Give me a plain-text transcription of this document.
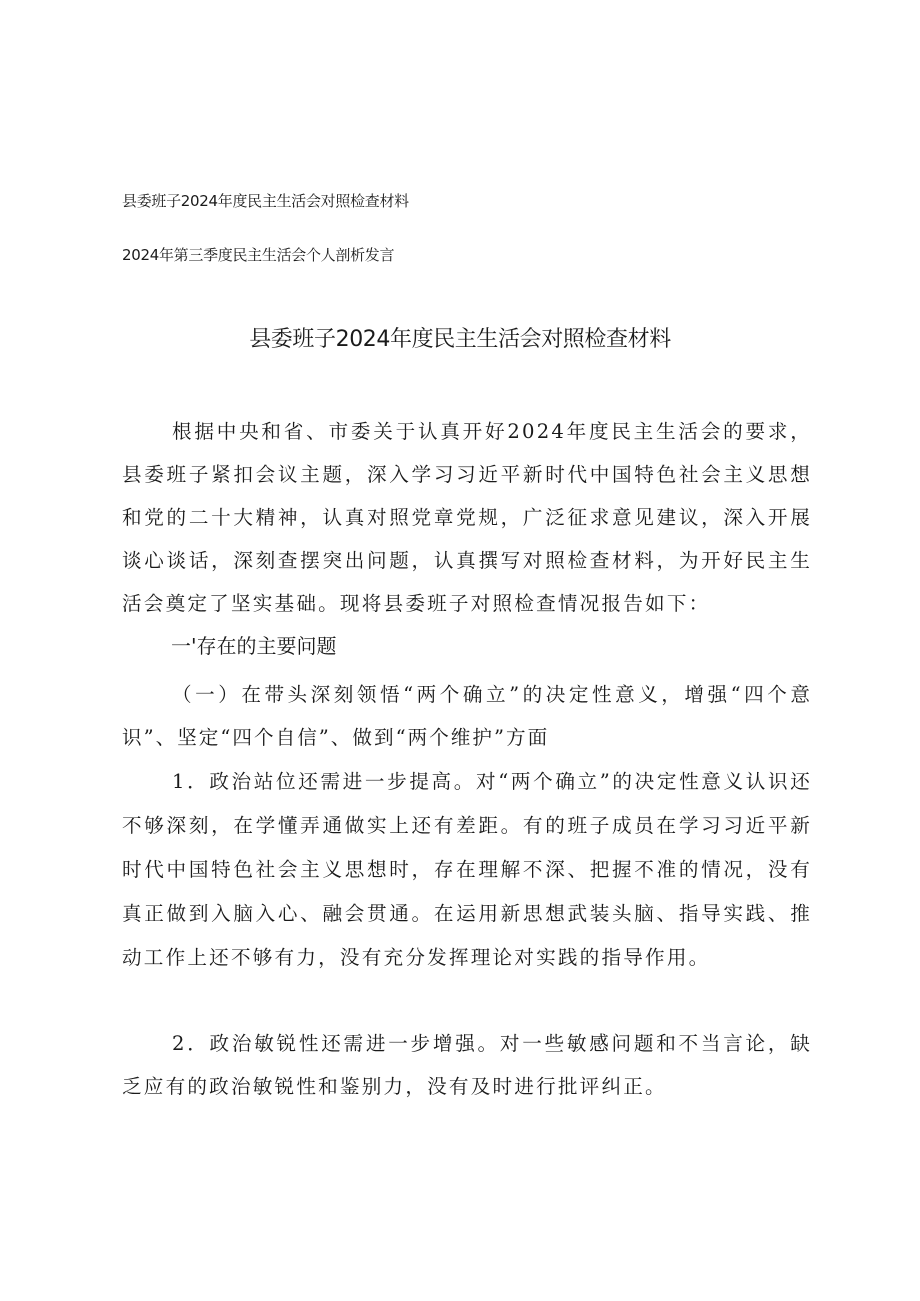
县委班子2024年度民主生活会对照检查材料
2024年第三季度民主生活会个人剖析发言
县委班子2024年度民主生活会对照检查材料
根据中央和省、市委关于认真开好2024年度民主生活会的要求，县委班子紧扣会议主题，深入学习习近平新时代中国特色社会主义思想和党的二十大精神，认真对照党章党规，广泛征求意见建议，深入开展谈心谈话，深刻查摆突出问题，认真撰写对照检查材料，为开好民主生活会奠定了坚实基础。现将县委班子对照检查情况报告如下：
一'存在的主要问题
（一）在带头深刻领悟“两个确立”的决定性意义，增强“四个意识”、坚定“四个自信”、做到“两个维护”方面
1．政治站位还需进一步提高。对“两个确立”的决定性意义认识还不够深刻，在学懂弄通做实上还有差距。有的班子成员在学习习近平新时代中国特色社会主义思想时，存在理解不深、把握不准的情况，没有真正做到入脑入心、融会贯通。在运用新思想武装头脑、指导实践、推动工作上还不够有力，没有充分发挥理论对实践的指导作用。
2．政治敏锐性还需进一步增强。对一些敏感问题和不当言论，缺乏应有的政治敏锐性和鉴别力，没有及时进行批评纠正。
